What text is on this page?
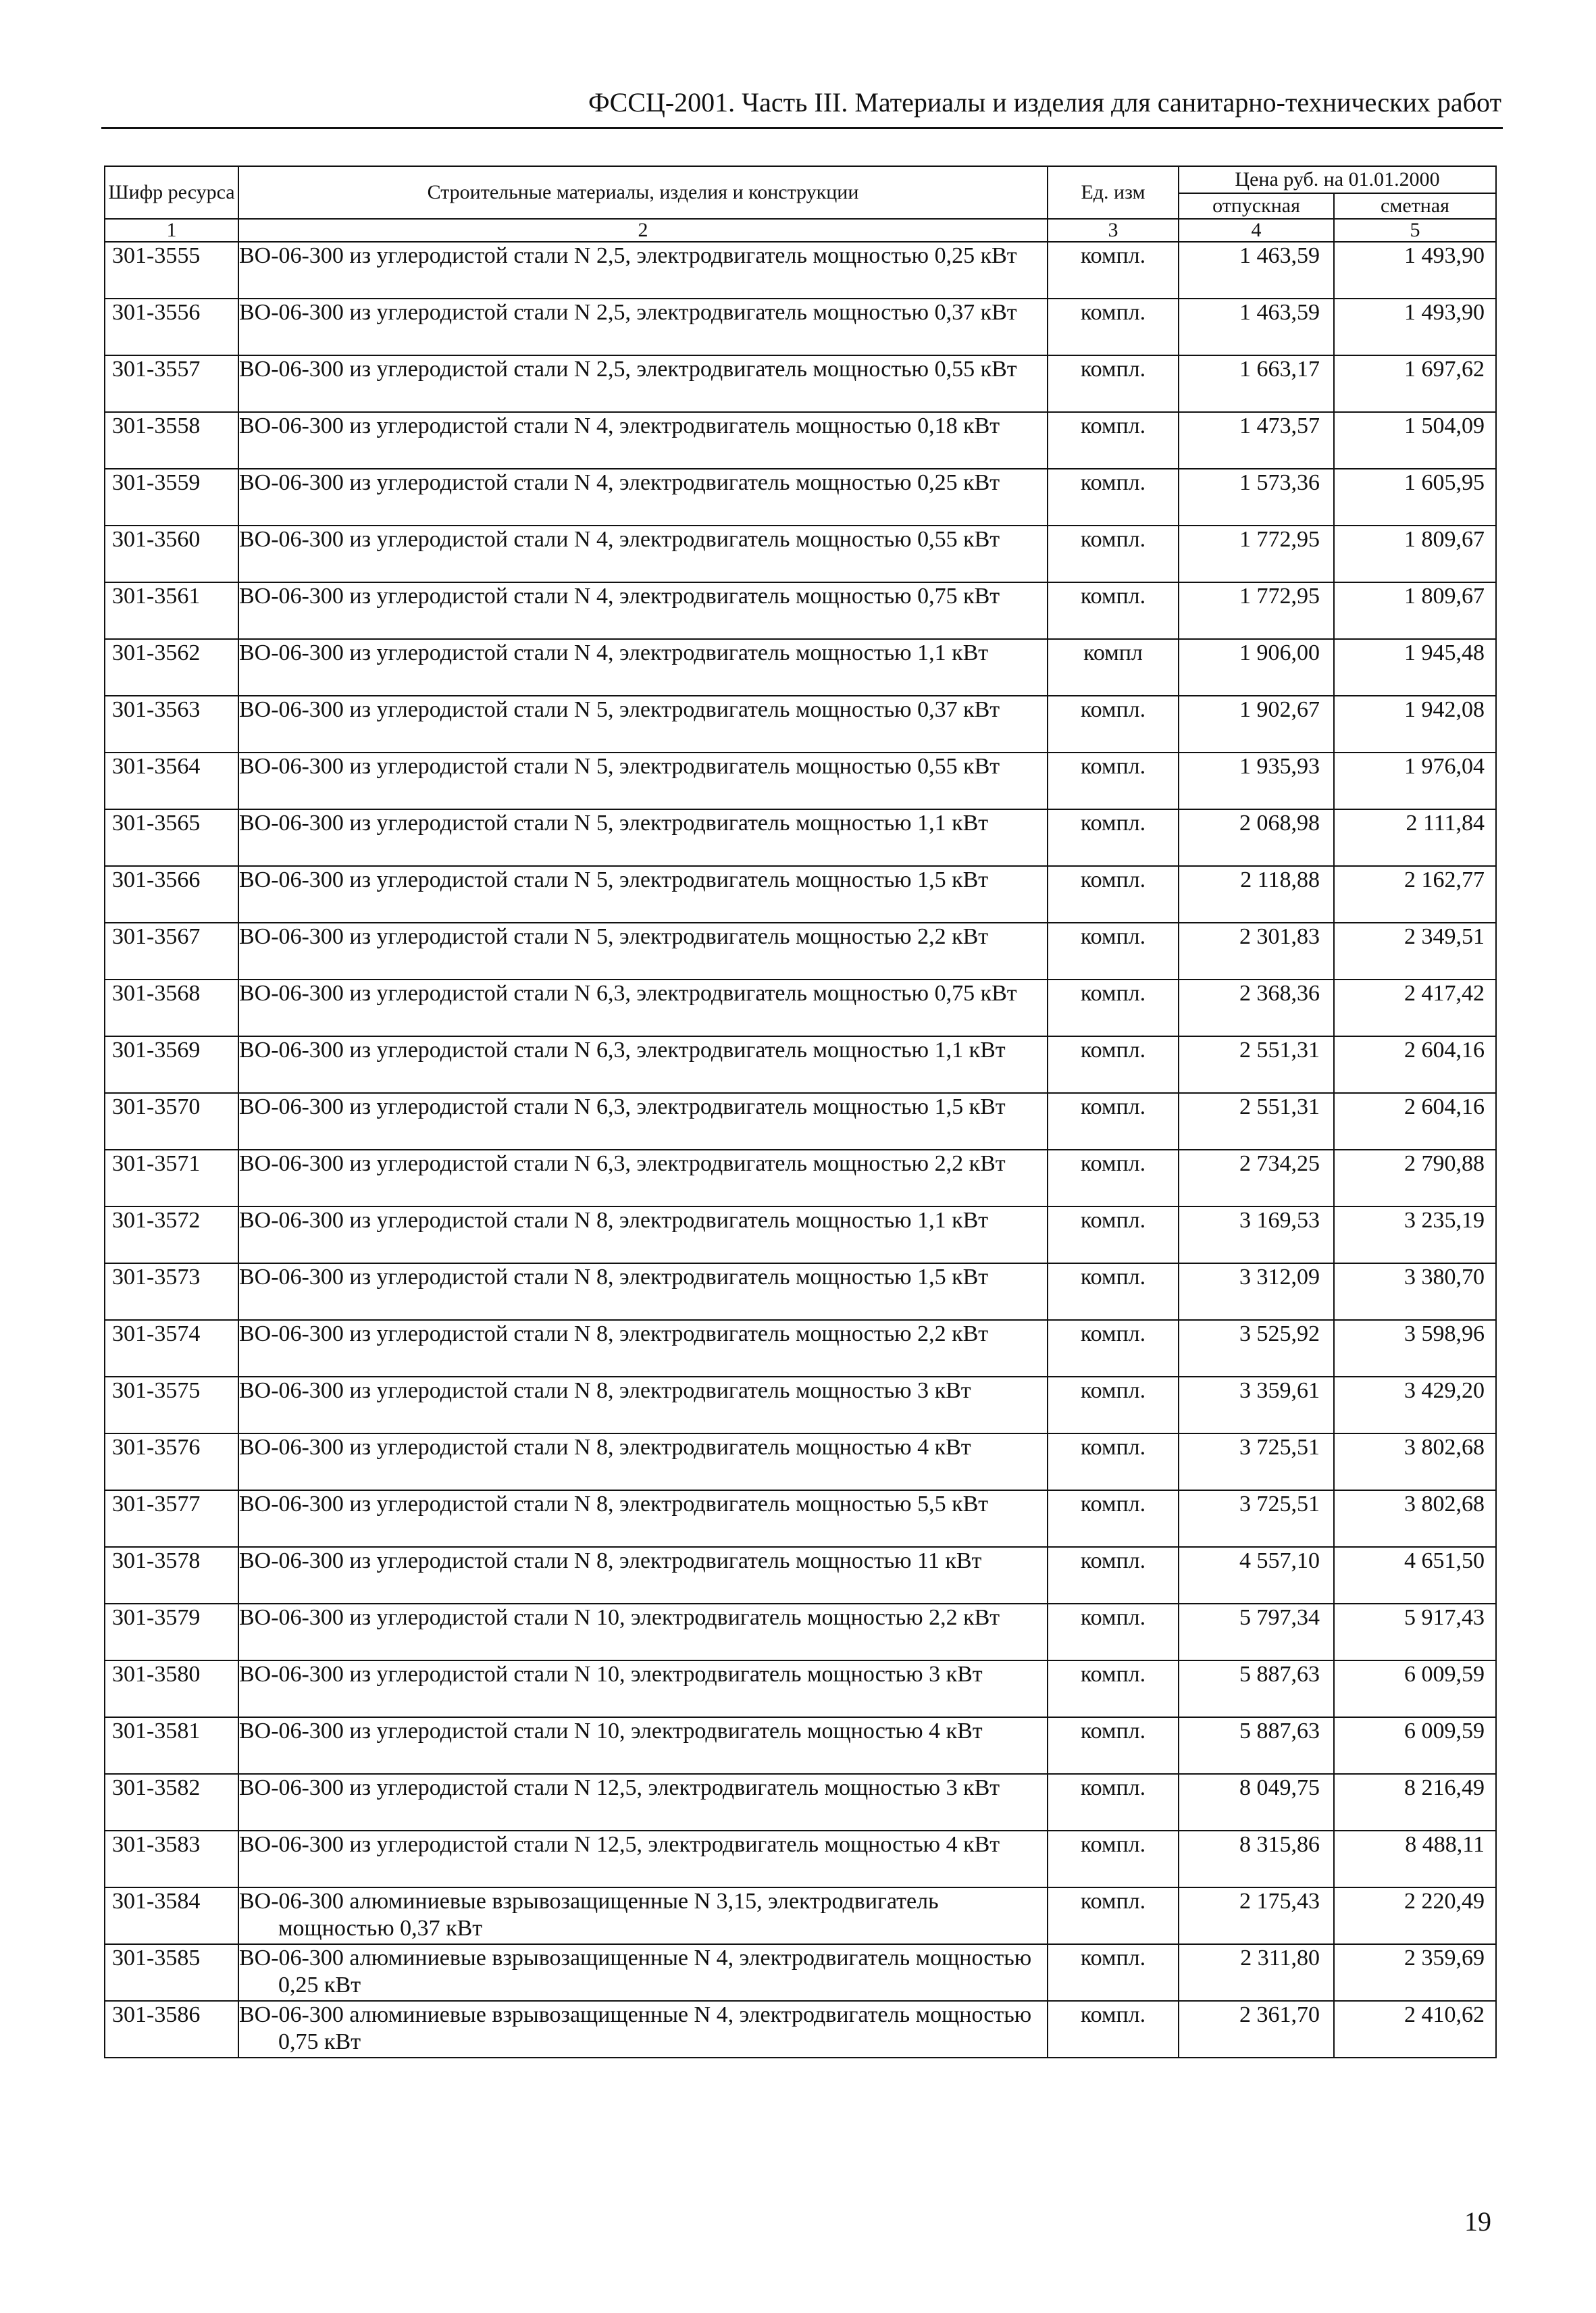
ФССЦ-2001. Часть III. Материалы и изделия для санитарно-технических работ
Шифр ресурса	Строительные материалы, изделия и конструкции	Ед. изм	Цена руб. на 01.01.2000	
			отпускная	сметная
1	2	3	4	5
301-3555	ВО-06-300 из углеродистой стали N 2,5, электродвигатель мощностью 0,25 кВт	компл.	1 463,59	1 493,90
301-3556	ВО-06-300 из углеродистой стали N 2,5, электродвигатель мощностью 0,37 кВт	компл.	1 463,59	1 493,90
301-3557	ВО-06-300 из углеродистой стали N 2,5, электродвигатель мощностью 0,55 кВт	компл.	1 663,17	1 697,62
301-3558	ВО-06-300 из углеродистой стали N 4, электродвигатель мощностью 0,18 кВт	компл.	1 473,57	1 504,09
301-3559	ВО-06-300 из углеродистой стали N 4, электродвигатель мощностью 0,25 кВт	компл.	1 573,36	1 605,95
301-3560	ВО-06-300 из углеродистой стали N 4, электродвигатель мощностью 0,55 кВт	компл.	1 772,95	1 809,67
301-3561	ВО-06-300 из углеродистой стали N 4, электродвигатель мощностью 0,75 кВт	компл.	1 772,95	1 809,67
301-3562	ВО-06-300 из углеродистой стали N 4, электродвигатель мощностью 1,1 кВт	компл	1 906,00	1 945,48
301-3563	ВО-06-300 из углеродистой стали N 5, электродвигатель мощностью 0,37 кВт	компл.	1 902,67	1 942,08
301-3564	ВО-06-300 из углеродистой стали N 5, электродвигатель мощностью 0,55 кВт	компл.	1 935,93	1 976,04
301-3565	ВО-06-300 из углеродистой стали N 5, электродвигатель мощностью 1,1 кВт	компл.	2 068,98	2 111,84
301-3566	ВО-06-300 из углеродистой стали N 5, электродвигатель мощностью 1,5 кВт	компл.	2 118,88	2 162,77
301-3567	ВО-06-300 из углеродистой стали N 5, электродвигатель мощностью 2,2 кВт	компл.	2 301,83	2 349,51
301-3568	ВО-06-300 из углеродистой стали N 6,3, электродвигатель мощностью 0,75 кВт	компл.	2 368,36	2 417,42
301-3569	ВО-06-300 из углеродистой стали N 6,3, электродвигатель мощностью 1,1 кВт	компл.	2 551,31	2 604,16
301-3570	ВО-06-300 из углеродистой стали N 6,3, электродвигатель мощностью 1,5 кВт	компл.	2 551,31	2 604,16
301-3571	ВО-06-300 из углеродистой стали N 6,3, электродвигатель мощностью 2,2 кВт	компл.	2 734,25	2 790,88
301-3572	ВО-06-300 из углеродистой стали N 8, электродвигатель мощностью 1,1 кВт	компл.	3 169,53	3 235,19
301-3573	ВО-06-300 из углеродистой стали N 8, электродвигатель мощностью 1,5 кВт	компл.	3 312,09	3 380,70
301-3574	ВО-06-300 из углеродистой стали N 8, электродвигатель мощностью 2,2 кВт	компл.	3 525,92	3 598,96
301-3575	ВО-06-300 из углеродистой стали N 8, электродвигатель мощностью 3 кВт	компл.	3 359,61	3 429,20
301-3576	ВО-06-300 из углеродистой стали N 8, электродвигатель мощностью 4 кВт	компл.	3 725,51	3 802,68
301-3577	ВО-06-300 из углеродистой стали N 8, электродвигатель мощностью 5,5 кВт	компл.	3 725,51	3 802,68
301-3578	ВО-06-300 из углеродистой стали N 8, электродвигатель мощностью 11 кВт	компл.	4 557,10	4 651,50
301-3579	ВО-06-300 из углеродистой стали N 10, электродвигатель мощностью 2,2 кВт	компл.	5 797,34	5 917,43
301-3580	ВО-06-300 из углеродистой стали N 10, электродвигатель мощностью 3 кВт	компл.	5 887,63	6 009,59
301-3581	ВО-06-300 из углеродистой стали N 10, электродвигатель мощностью 4 кВт	компл.	5 887,63	6 009,59
301-3582	ВО-06-300 из углеродистой стали N 12,5, электродвигатель мощностью 3 кВт	компл.	8 049,75	8 216,49
301-3583	ВО-06-300 из углеродистой стали N 12,5, электродвигатель мощностью 4 кВт	компл.	8 315,86	8 488,11
301-3584	ВО-06-300 алюминиевые взрывозащищенные N 3,15, электродвигатель мощностью 0,37 кВт	компл.	2 175,43	2 220,49
301-3585	ВО-06-300 алюминиевые взрывозащищенные N 4, электродвигатель мощностью 0,25 кВт	компл.	2 311,80	2 359,69
301-3586	ВО-06-300 алюминиевые взрывозащищенные N 4, электродвигатель мощностью 0,75 кВт	компл.	2 361,70	2 410,62
19
